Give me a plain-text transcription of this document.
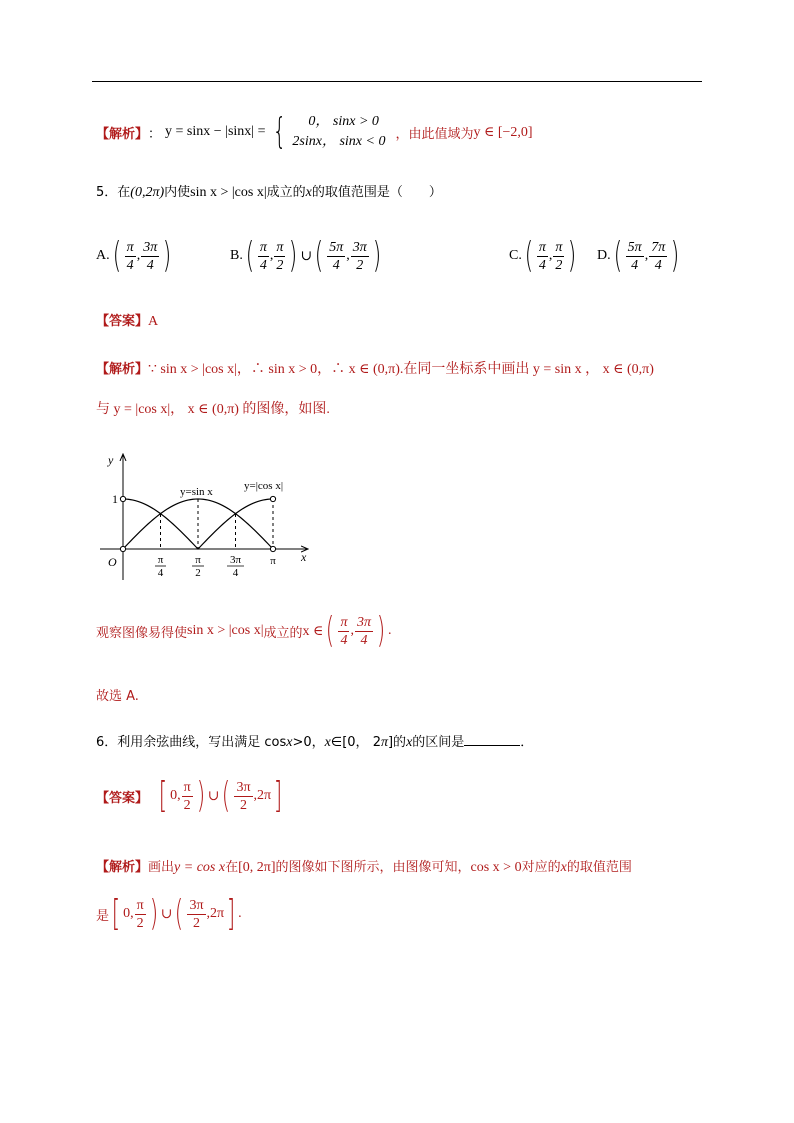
【解析】 ： y = sinx − |sinx| = {	0， sinx > 0
2sinx， sinx < 0 ，由此值域为 y ∈ [−2,0]
5．在(0,2π)内使sin x > |cos x|成立的x的取值范围是（　　）
A. ( $\frac{\pi}{4}$ , $\frac{3\pi}{4}$ )	B. ( $\frac{\pi}{4}$ , $\frac{\pi}{2}$ ) ∪ ( $\frac{5\pi}{4}$ , $\frac{3\pi}{2}$ )	C. ( $\frac{\pi}{4}$ , $\frac{\pi}{2}$ ) D. ( $\frac{5\pi}{4}$ , $\frac{7\pi}{4}$ )
【答案】A
【解析】∵ sin x > |cos x|，∴ sin x > 0，∴ x ∈ (0,π).在同一坐标系中画出 y = sin x ， x ∈ (0,π)
与 y = |cos x|， x ∈ (0,π) 的图像，如图.
y
x
O
1	y=sin x	y=|cos x|
π
4
π
2
3π
4
π
观察图像易得使 sin x > |cos x| 成立的 x ∈ ( $\frac{\pi}{4}$ , $\frac{3\pi}{4}$ ) .
故选 A.
6．利用余弦曲线，写出满足 cosx>0，x∈[0， 2π]的x的区间是	．
【答案】 [ 0, $\frac{\pi}{2}$ ) ∪ ( $\frac{3\pi}{2} ,2\pi$ ]
【解析】画出y = cos x在[0, 2π]的图像如下图所示，由图像可知，cos x > 0对应的x的取值范围
是 [ 0, $\frac{\pi}{2}$ ) ∪ ( $\frac{3\pi}{2} ,2\pi$ ] .
